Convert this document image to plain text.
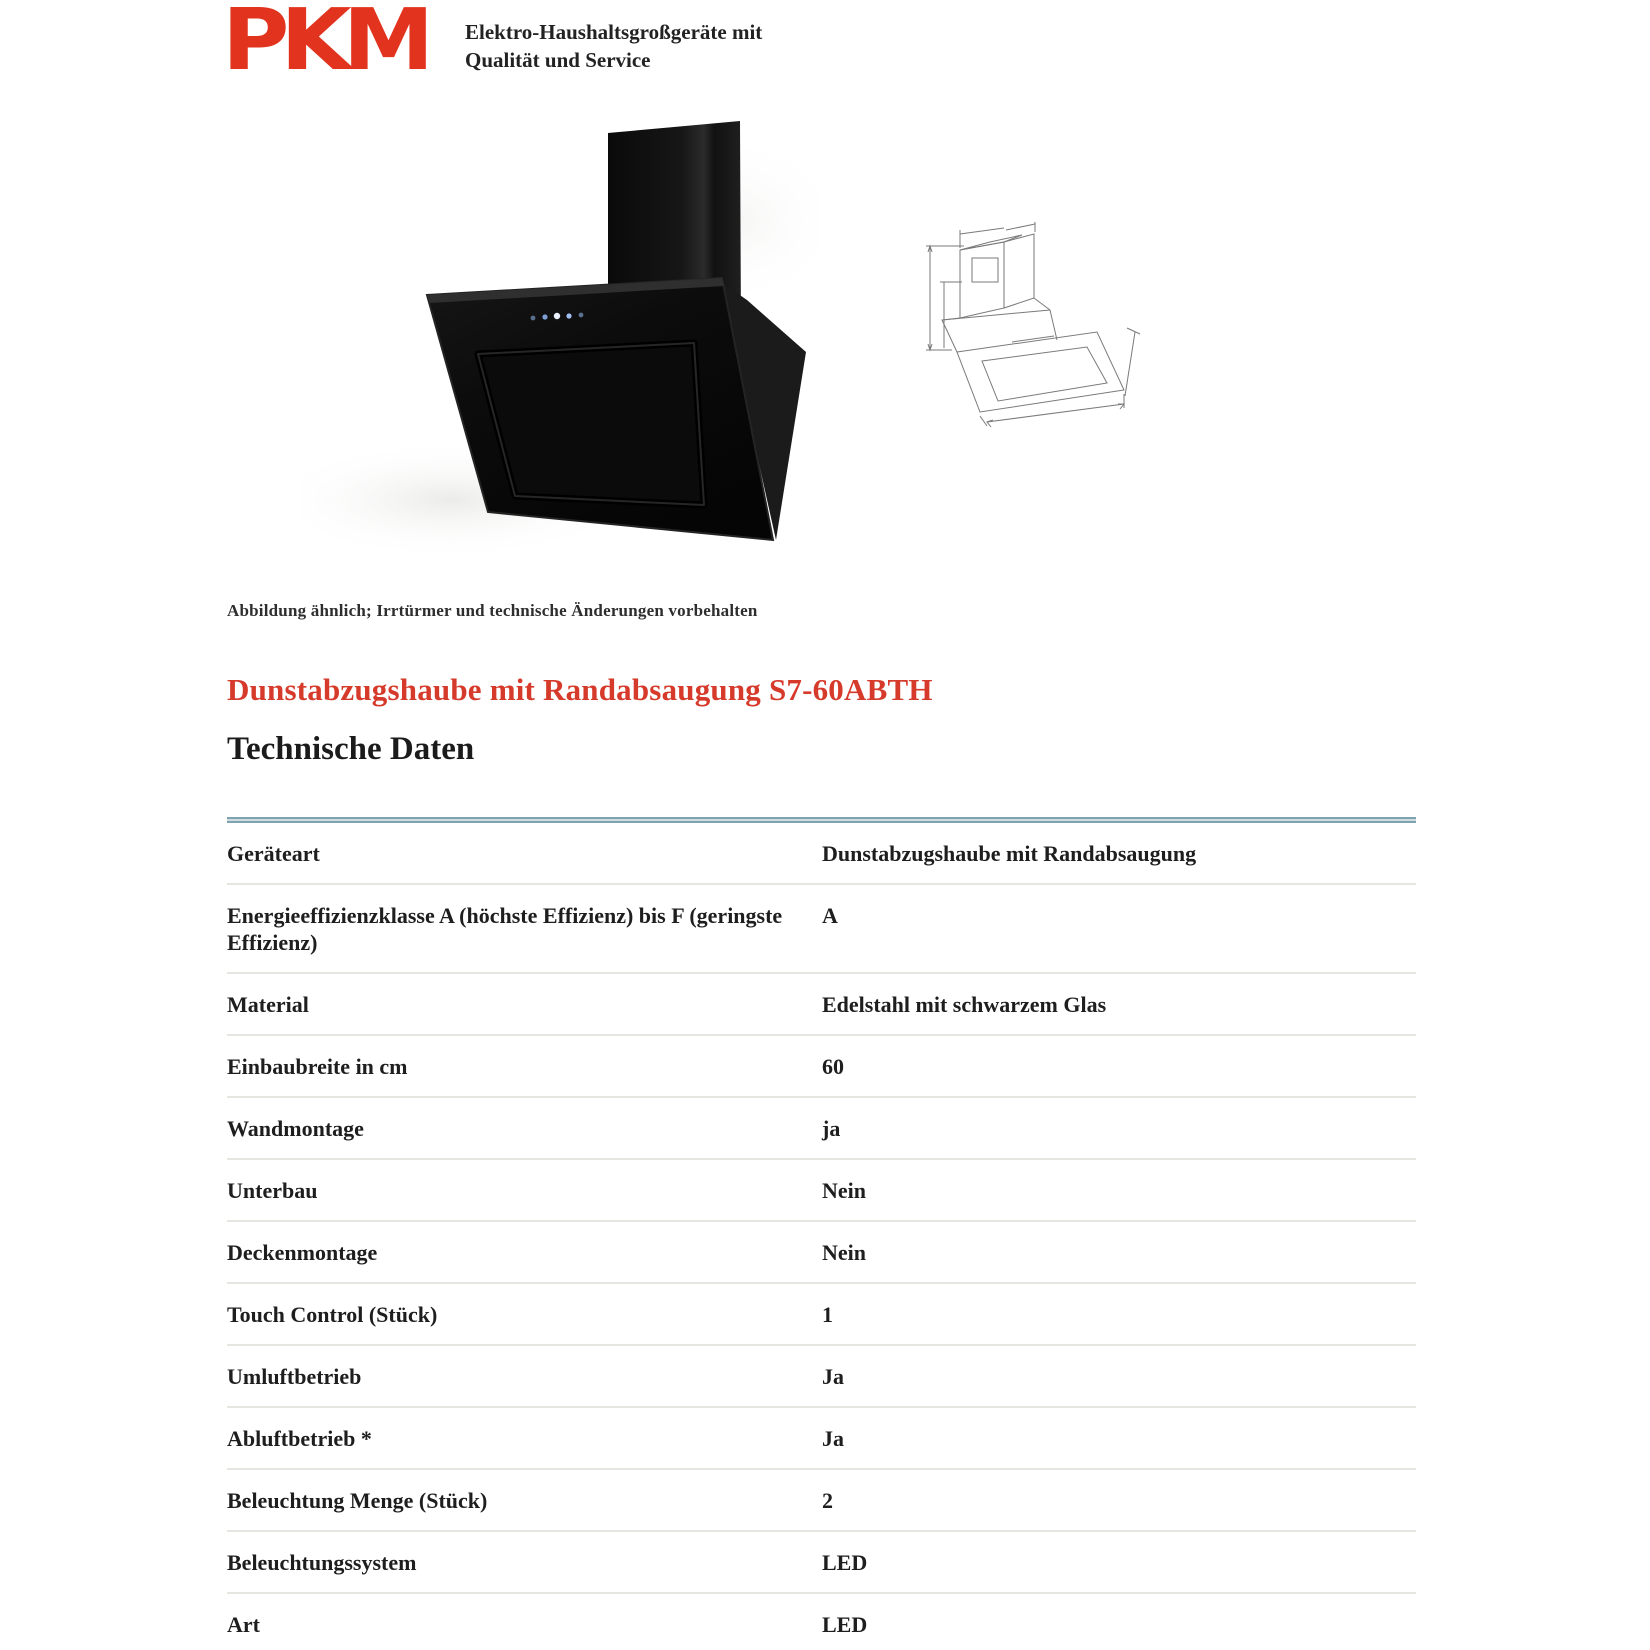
PKM Elektro-Haushaltsgroßgeräte mit
Qualität und Service
Abbildung ähnlich; Irrtürmer und technische Änderungen vorbehalten
Dunstabzugshaube mit Randabsaugung S7-60ABTH
Technische Daten
Geräteart	Dunstabzugshaube mit Randabsaugung
Energieeffizienzklasse A (höchste Effizienz) bis F (geringste Effizienz)	A
Material	Edelstahl mit schwarzem Glas
Einbaubreite in cm	60
Wandmontage	ja
Unterbau	Nein
Deckenmontage	Nein
Touch Control (Stück)	1
Umluftbetrieb	Ja
Abluftbetrieb *	Ja
Beleuchtung Menge (Stück)	2
Beleuchtungssystem	LED
Art	LED
